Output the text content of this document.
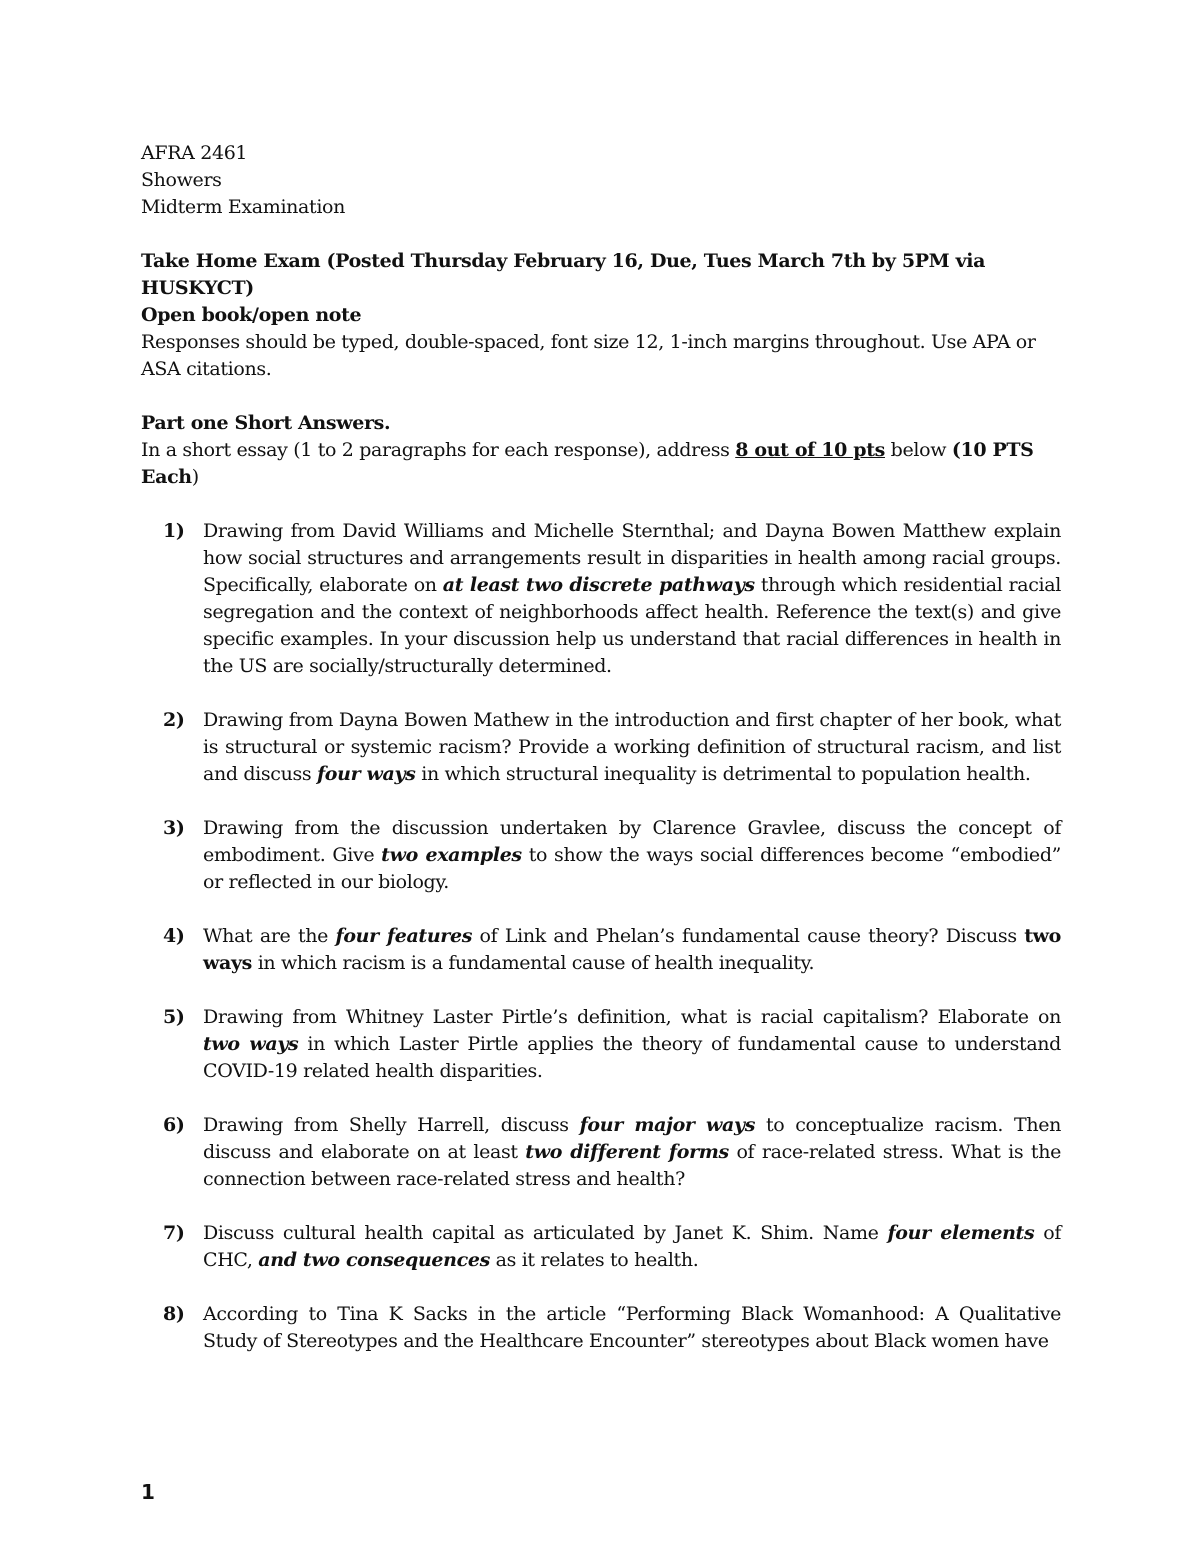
AFRA 2461
Showers
Midterm Examination
Take Home Exam (Posted Thursday February 16, Due, Tues March 7th by 5PM via HUSKYCT)
Open book/open note
Responses should be typed, double-spaced, font size 12, 1-inch margins throughout. Use APA or ASA citations.
Part one Short Answers.
In a short essay (1 to 2 paragraphs for each response), address 8 out of 10 pts below (10 PTS Each)
1) Drawing from David Williams and Michelle Sternthal; and Dayna Bowen Matthew explain how social structures and arrangements result in disparities in health among racial groups. Specifically, elaborate on at least two discrete pathways through which residential racial segregation and the context of neighborhoods affect health. Reference the text(s) and give specific examples. In your discussion help us understand that racial differences in health in the US are socially/structurally determined.
2) Drawing from Dayna Bowen Mathew in the introduction and first chapter of her book, what is structural or systemic racism? Provide a working definition of structural racism, and list and discuss four ways in which structural inequality is detrimental to population health.
3) Drawing from the discussion undertaken by Clarence Gravlee, discuss the concept of embodiment. Give two examples to show the ways social differences become “embodied” or reflected in our biology.
4) What are the four features of Link and Phelan’s fundamental cause theory? Discuss two ways in which racism is a fundamental cause of health inequality.
5) Drawing from Whitney Laster Pirtle’s definition, what is racial capitalism? Elaborate on two ways in which Laster Pirtle applies the theory of fundamental cause to understand COVID-19 related health disparities.
6) Drawing from Shelly Harrell, discuss four major ways to conceptualize racism. Then discuss and elaborate on at least two different forms of race-related stress. What is the connection between race-related stress and health?
7) Discuss cultural health capital as articulated by Janet K. Shim. Name four elements of CHC, and two consequences as it relates to health.
8) According to Tina K Sacks in the article “Performing Black Womanhood: A Qualitative Study of Stereotypes and the Healthcare Encounter” stereotypes about Black women have
1
